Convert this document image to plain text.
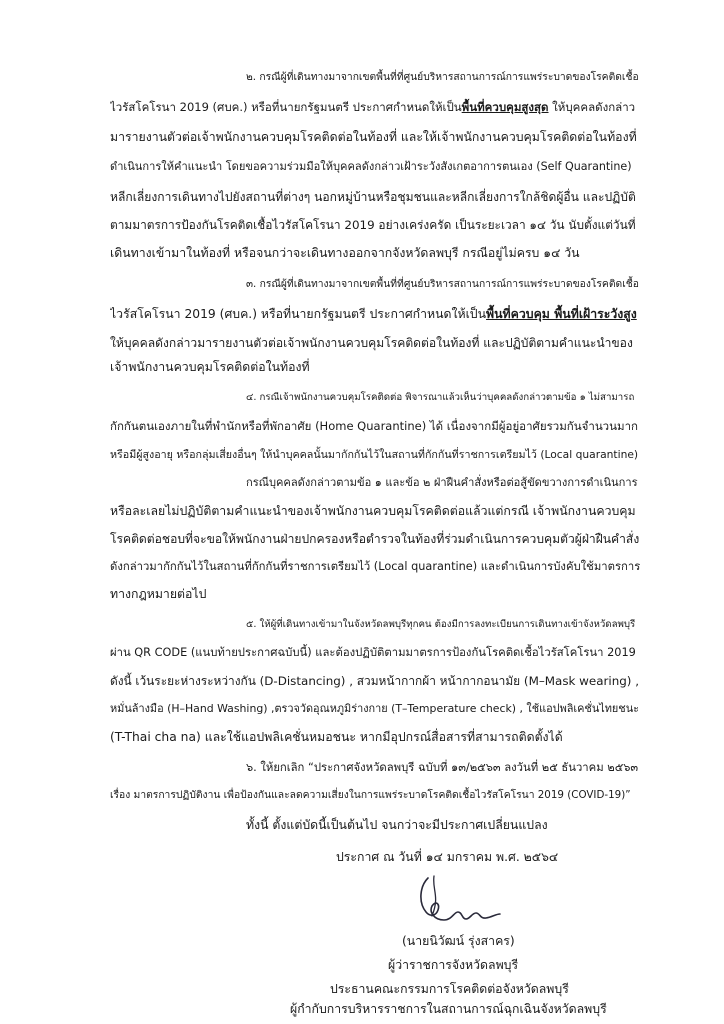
๒. กรณีผู้ที่เดินทางมาจากเขตพื้นที่ที่ศูนย์บริหารสถานการณ์การแพร่ระบาดของโรคติดเชื้อ
ไวรัสโคโรนา 2019 (ศบค.) หรือที่นายกรัฐมนตรี ประกาศกำหนดให้เป็นพื้นที่ควบคุมสูงสุด ให้บุคคลดังกล่าว
มารายงานตัวต่อเจ้าพนักงานควบคุมโรคติดต่อในท้องที่ และให้เจ้าพนักงานควบคุมโรคติดต่อในท้องที่
ดำเนินการให้คำแนะนำ โดยขอความร่วมมือให้บุคคลดังกล่าวเฝ้าระวังสังเกตอาการตนเอง (Self Quarantine)
หลีกเลี่ยงการเดินทางไปยังสถานที่ต่างๆ นอกหมู่บ้านหรือชุมชนและหลีกเลี่ยงการใกล้ชิดผู้อื่น และปฏิบัติ
ตามมาตรการป้องกันโรคติดเชื้อไวรัสโคโรนา 2019 อย่างเคร่งครัด เป็นระยะเวลา ๑๔ วัน นับตั้งแต่วันที่
เดินทางเข้ามาในท้องที่ หรือจนกว่าจะเดินทางออกจากจังหวัดลพบุรี กรณีอยู่ไม่ครบ ๑๔ วัน
๓. กรณีผู้ที่เดินทางมาจากเขตพื้นที่ที่ศูนย์บริหารสถานการณ์การแพร่ระบาดของโรคติดเชื้อ
ไวรัสโคโรนา 2019 (ศบค.) หรือที่นายกรัฐมนตรี ประกาศกำหนดให้เป็นพื้นที่ควบคุม พื้นที่เฝ้าระวังสูง
ให้บุคคลดังกล่าวมารายงานตัวต่อเจ้าพนักงานควบคุมโรคติดต่อในท้องที่ และปฏิบัติตามคำแนะนำของ
เจ้าพนักงานควบคุมโรคติดต่อในท้องที่
๔. กรณีเจ้าพนักงานควบคุมโรคติดต่อ พิจารณาแล้วเห็นว่าบุคคลดังกล่าวตามข้อ ๑ ไม่สามารถ
กักกันตนเองภายในที่พำนักหรือที่พักอาศัย (Home Quarantine) ได้ เนื่องจากมีผู้อยู่อาศัยรวมกันจำนวนมาก
หรือมีผู้สูงอายุ หรือกลุ่มเสี่ยงอื่นๆ ให้นำบุคคลนั้นมากักกันไว้ในสถานที่กักกันที่ราชการเตรียมไว้ (Local quarantine)
กรณีบุคคลดังกล่าวตามข้อ ๑ และข้อ ๒ ฝ่าฝืนคำสั่งหรือต่อสู้ขัดขวางการดำเนินการ
หรือละเลยไม่ปฏิบัติตามคำแนะนำของเจ้าพนักงานควบคุมโรคติดต่อแล้วแต่กรณี เจ้าพนักงานควบคุม
โรคติดต่อชอบที่จะขอให้พนักงานฝ่ายปกครองหรือตำรวจในท้องที่ร่วมดำเนินการควบคุมตัวผู้ฝ่าฝืนคำสั่ง
ดังกล่าวมากักกันไว้ในสถานที่กักกันที่ราชการเตรียมไว้ (Local quarantine) และดำเนินการบังคับใช้มาตรการ
ทางกฎหมายต่อไป
๕. ให้ผู้ที่เดินทางเข้ามาในจังหวัดลพบุรีทุกคน ต้องมีการลงทะเบียนการเดินทางเข้าจังหวัดลพบุรี
ผ่าน QR CODE (แนบท้ายประกาศฉบับนี้) และต้องปฏิบัติตามมาตรการป้องกันโรคติดเชื้อไวรัสโคโรนา 2019
ดังนี้ เว้นระยะห่างระหว่างกัน (D-Distancing) , สวมหน้ากากผ้า หน้ากากอนามัย (M–Mask wearing) ,
หมั่นล้างมือ (H–Hand Washing) ,ตรวจวัดอุณหภูมิร่างกาย (T–Temperature check) , ใช้แอปพลิเคชั่นไทยชนะ
(T-Thai cha na) และใช้แอปพลิเคชั่นหมอชนะ หากมีอุปกรณ์สื่อสารที่สามารถติดตั้งได้
๖. ให้ยกเลิก “ประกาศจังหวัดลพบุรี ฉบับที่ ๑๓/๒๕๖๓ ลงวันที่ ๒๕ ธันวาคม ๒๕๖๓
เรื่อง มาตรการปฏิบัติงาน เพื่อป้องกันและลดความเสี่ยงในการแพร่ระบาดโรคติดเชื้อไวรัสโคโรนา 2019 (COVID-19)”
ทั้งนี้ ตั้งแต่บัดนี้เป็นต้นไป จนกว่าจะมีประกาศเปลี่ยนแปลง
ประกาศ ณ วันที่ ๑๔ มกราคม พ.ศ. ๒๕๖๔
(นายนิวัฒน์ รุ่งสาคร)
ผู้ว่าราชการจังหวัดลพบุรี
ประธานคณะกรรมการโรคติดต่อจังหวัดลพบุรี
ผู้กำกับการบริหารราชการในสถานการณ์ฉุกเฉินจังหวัดลพบุรี
